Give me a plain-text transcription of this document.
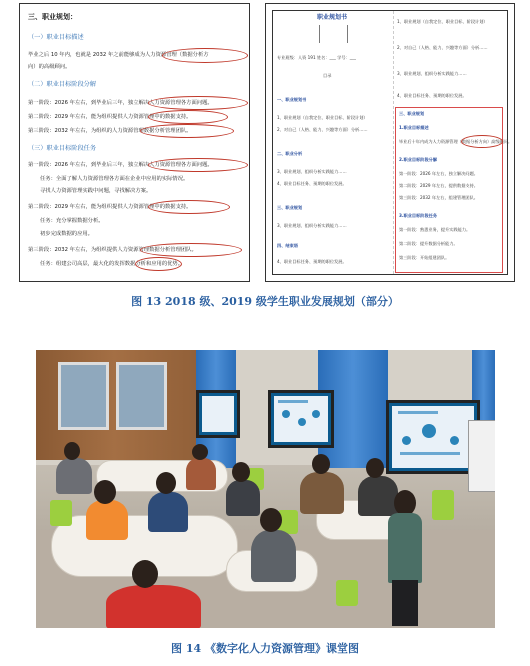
三、职业规划：
（一）职业目标描述
毕业之后 10 年内，也就是 2032 年之前能够成为人力资源管理（数据分析方
向）的高级顾问。
（二）职业目标阶段分解
第一阶段：2026 年左右，到毕业后三年，独立解决人力资源管理各方面问题。
第二阶段：2029 年左右，能为组织提供人力资源管理中的数据支持。
第三阶段：2032 年左右，为组织的人力资源管理数据分析管理团队。
（三）职业目标阶段任务
第一阶段：2026 年左右，到毕业后三年，独立解决人力资源管理各方面问题。
任务：全面了解人力资源管理各方面在企业中应用的实际情况。
寻找人力资源管理实践中问题，寻找解决方案。
第二阶段：2029 年左右，能为组织提供人力资源管理中的数据支持。
任务：充分掌握数据分析。
初步完成数据的应用。
第三阶段：2032 年左右，为组织提供人力资源管理数据分析管理团队。
任务：组建公司高层，最大化的发挥数据分析和应用的优势。
职业规划书
专业班级：人资 191 姓名：___ 学号：___
目录
一、职业规划书
1、职业规划（自我定位、职业目标、阶段计划）
2、对自己（人格、能力、兴趣等方面）分析……
二、职业分析
3、职业规划、组织分析实践能力……
4、职业目标任务、预期的职位发展。
三、职业规划
3、职业规划、组织分析实践能力……
四、结束语
4、职业目标任务、预期的职位发展。
1、职业规划（自我定位、职业目标、阶段计划）
2、对自己（人格、能力、兴趣等方面）分析……
3、职业规划、组织分析实践能力……
4、职业目标任务、预期的职位发展。
三、职业规划
1.职业目标描述
毕业后十年内成为人力资源管理（数据分析方向）高级顾问。
2.职业目标阶段分解
第一阶段：2026 年左右，独立解决问题。
第二阶段：2029 年左右，提供数据支持。
第三阶段：2032 年左右，组建管理团队。
3.职业目标阶段任务
第一阶段：熟悉业务，提升实践能力。
第二阶段：提升数据分析能力。
第三阶段：开始组建团队。
图 13 2018 级、2019 级学生职业发展规划（部分）
图 14 《数字化人力资源管理》课堂图
